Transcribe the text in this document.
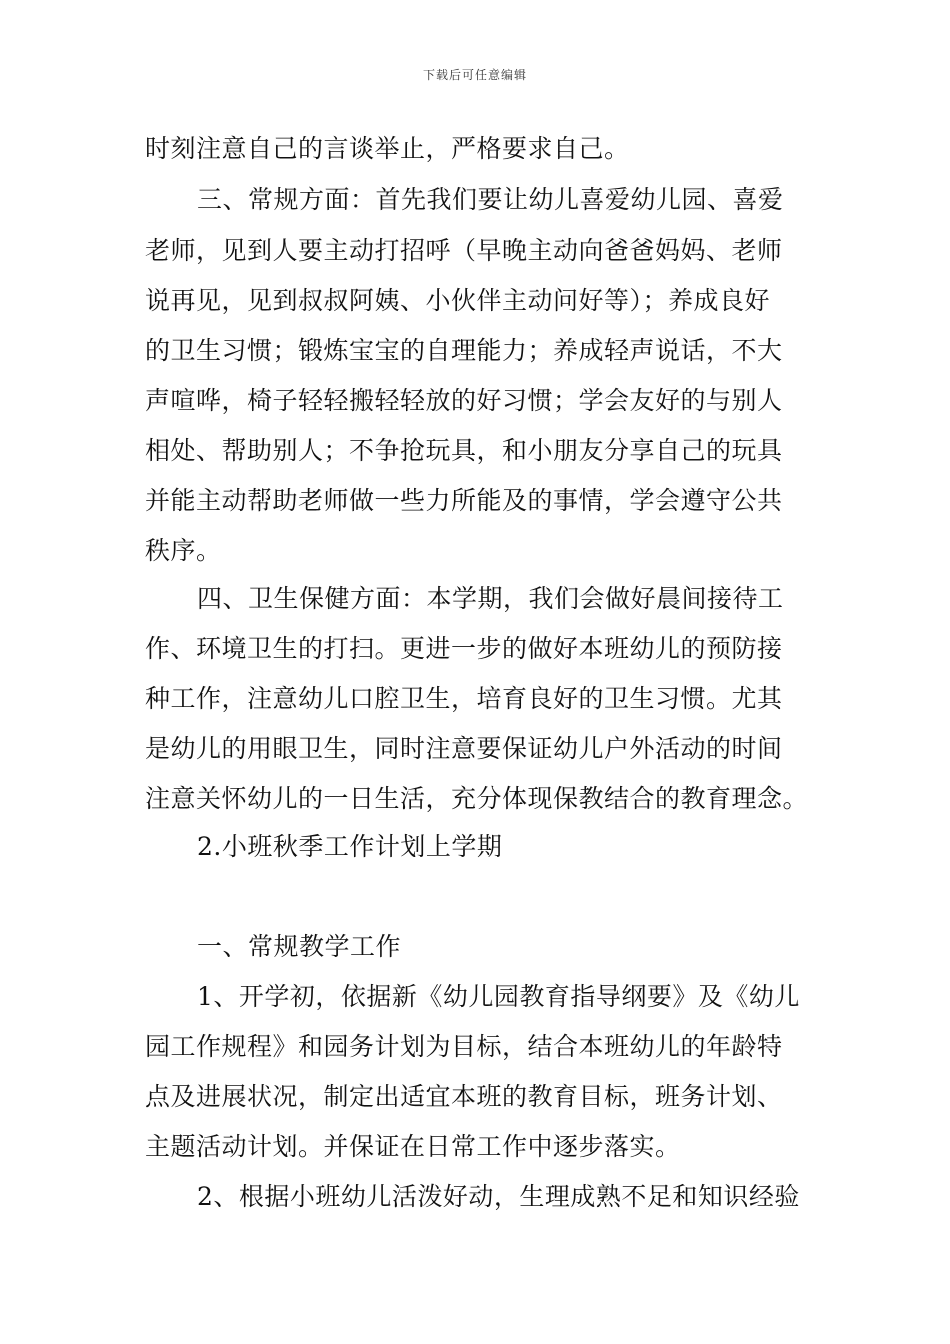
下载后可任意编辑
时刻注意自己的言谈举止，严格要求自己。
三、常规方面：首先我们要让幼儿喜爱幼儿园、喜爱
老师，见到人要主动打招呼（早晚主动向爸爸妈妈、老师
说再见，见到叔叔阿姨、小伙伴主动问好等）；养成良好
的卫生习惯；锻炼宝宝的自理能力；养成轻声说话，不大
声喧哗，椅子轻轻搬轻轻放的好习惯；学会友好的与别人
相处、帮助别人；不争抢玩具，和小朋友分享自己的玩具
并能主动帮助老师做一些力所能及的事情，学会遵守公共
秩序。
四、卫生保健方面：本学期，我们会做好晨间接待工
作、环境卫生的打扫。更进一步的做好本班幼儿的预防接
种工作，注意幼儿口腔卫生，培育良好的卫生习惯。尤其
是幼儿的用眼卫生，同时注意要保证幼儿户外活动的时间
注意关怀幼儿的一日生活，充分体现保教结合的教育理念。
2.小班秋季工作计划上学期
一、常规教学工作
1、开学初，依据新《幼儿园教育指导纲要》及《幼儿
园工作规程》和园务计划为目标，结合本班幼儿的年龄特
点及进展状况，制定出适宜本班的教育目标，班务计划、
主题活动计划。并保证在日常工作中逐步落实。
2、根据小班幼儿活泼好动，生理成熟不足和知识经验
